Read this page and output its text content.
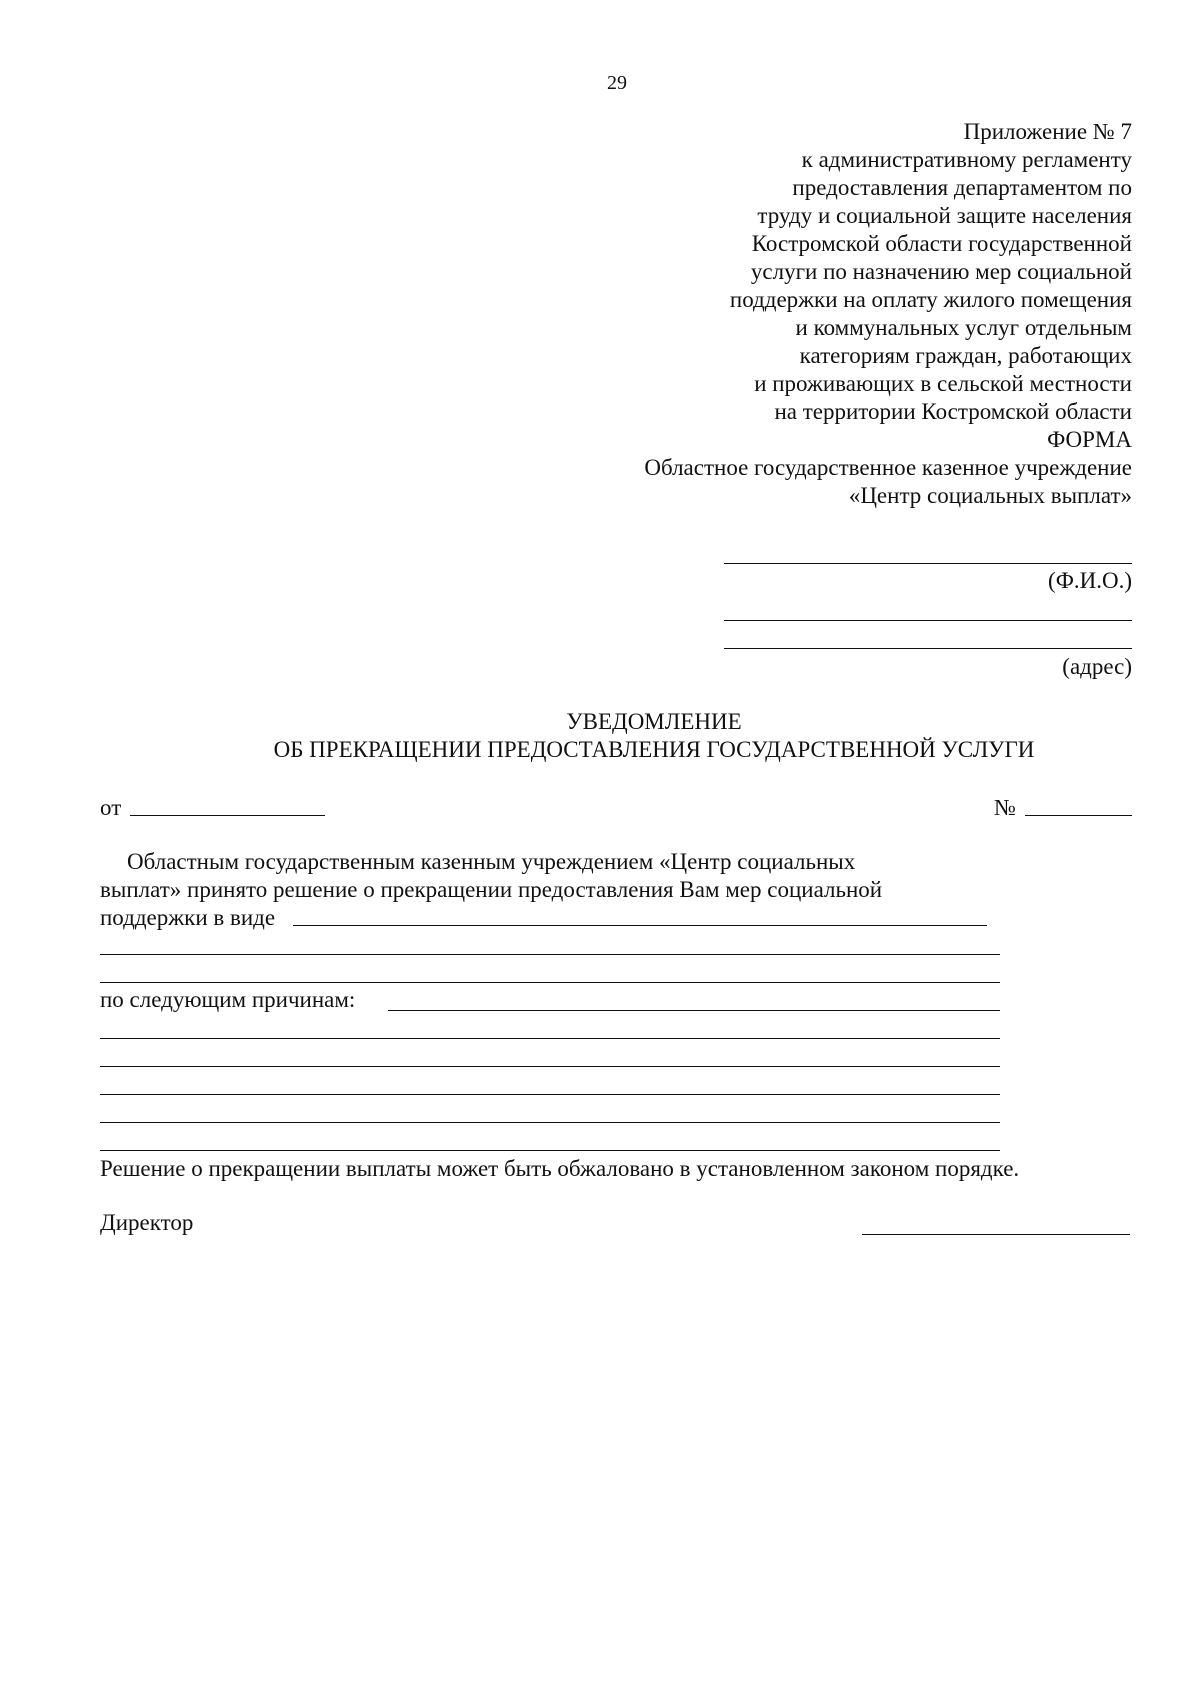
29
Приложение № 7
к административному регламенту
предоставления департаментом по
труду и социальной защите населения
Костромской области государственной
услуги по назначению мер социальной
поддержки на оплату жилого помещения
и коммунальных услуг отдельным
категориям граждан, работающих
и проживающих в сельской местности
на территории Костромской области
ФОРМА
Областное государственное казенное учреждение
«Центр социальных выплат»
(Ф.И.О.)
(адрес)
УВЕДОМЛЕНИЕ
ОБ ПРЕКРАЩЕНИИ ПРЕДОСТАВЛЕНИЯ ГОСУДАРСТВЕННОЙ УСЛУГИ
от	№
Областным государственным казенным учреждением «Центр социальных
выплат» принято решение о прекращении предоставления Вам мер социальной
поддержки в виде
по следующим причинам:
Решение о прекращении выплаты может быть обжаловано в установленном законом порядке.
Директор
